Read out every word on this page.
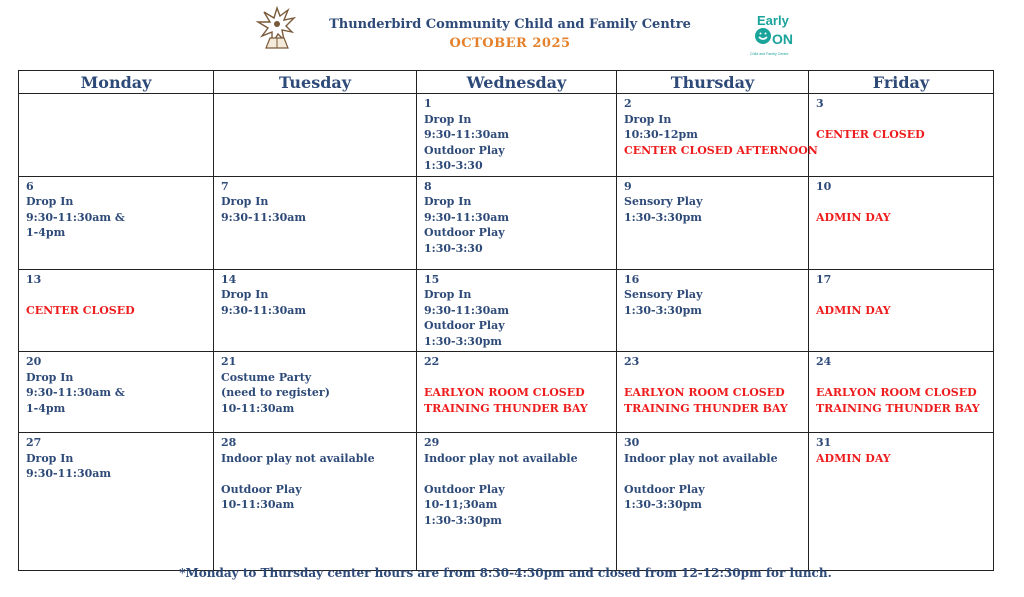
Thunderbird Community Child and Family Centre
OCTOBER 2025
Early
ON
Child and Family Centre
Monday	Tuesday	Wednesday	Thursday	Friday

		1
Drop In
9:30-11:30am
Outdoor Play
1:30-3:30	2
Drop In
10:30-12pm
CENTER CLOSED AFTERNOON	3
CENTER CLOSED

6
Drop In
9:30-11:30am &
1-4pm	7
Drop In
9:30-11:30am	8
Drop In
9:30-11:30am
Outdoor Play
1:30-3:30	9
Sensory Play
1:30-3:30pm	10
ADMIN DAY

13
CENTER CLOSED	14
Drop In
9:30-11:30am	15
Drop In
9:30-11:30am
Outdoor Play
1:30-3:30pm	16
Sensory Play
1:30-3:30pm	17
ADMIN DAY

20
Drop In
9:30-11:30am &
1-4pm	21
Costume Party
(need to register)
10-11:30am	22
EARLYON ROOM CLOSED
TRAINING THUNDER BAY	23
EARLYON ROOM CLOSED
TRAINING THUNDER BAY	24
EARLYON ROOM CLOSED
TRAINING THUNDER BAY

27
Drop In
9:30-11:30am	28
Indoor play not available
Outdoor Play
10-11:30am	29
Indoor play not available
Outdoor Play
10-11;30am
1:30-3:30pm	30
Indoor play not available
Outdoor Play
1:30-3:30pm	31
ADMIN DAY
*Monday to Thursday center hours are from 8:30-4:30pm and closed from 12-12:30pm for lunch.
